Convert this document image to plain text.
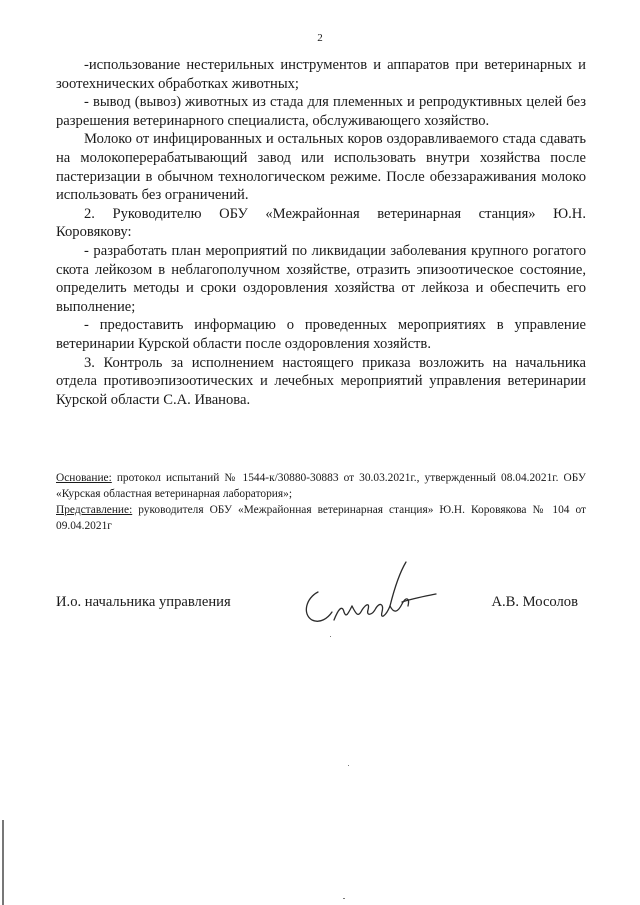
2

-использование нестерильных инструментов и аппаратов при ветеринарных и зоотехнических обработках животных;

- вывод (вывоз) животных из стада для племенных и репродуктивных целей без разрешения ветеринарного специалиста, обслуживающего хозяйство.

Молоко от инфицированных и остальных коров оздоравливаемого стада сдавать на молокоперерабатывающий завод или использовать внутри хозяйства после пастеризации в обычном технологическом режиме. После обеззараживания молоко использовать без ограничений.

2. Руководителю ОБУ «Межрайонная ветеринарная станция» Ю.Н. Коровякову:

- разработать план мероприятий по ликвидации заболевания крупного рогатого скота лейкозом в неблагополучном хозяйстве, отразить эпизоотическое состояние, определить методы и сроки оздоровления хозяйства от лейкоза и обеспечить его выполнение;

- предоставить информацию о проведенных мероприятиях в управление ветеринарии Курской области после оздоровления хозяйств.

3. Контроль за исполнением настоящего приказа возложить на начальника отдела противоэпизоотических и лечебных мероприятий управления ветеринарии Курской области С.А. Иванова.

Основание: протокол испытаний № 1544-к/30880-30883 от 30.03.2021г., утвержденный 08.04.2021г. ОБУ «Курская областная ветеринарная лаборатория»;

Представление: руководителя ОБУ «Межрайонная ветеринарная станция» Ю.Н. Коровякова № 104 от 09.04.2021г

И.о. начальника управления	А.В. Мосолов
